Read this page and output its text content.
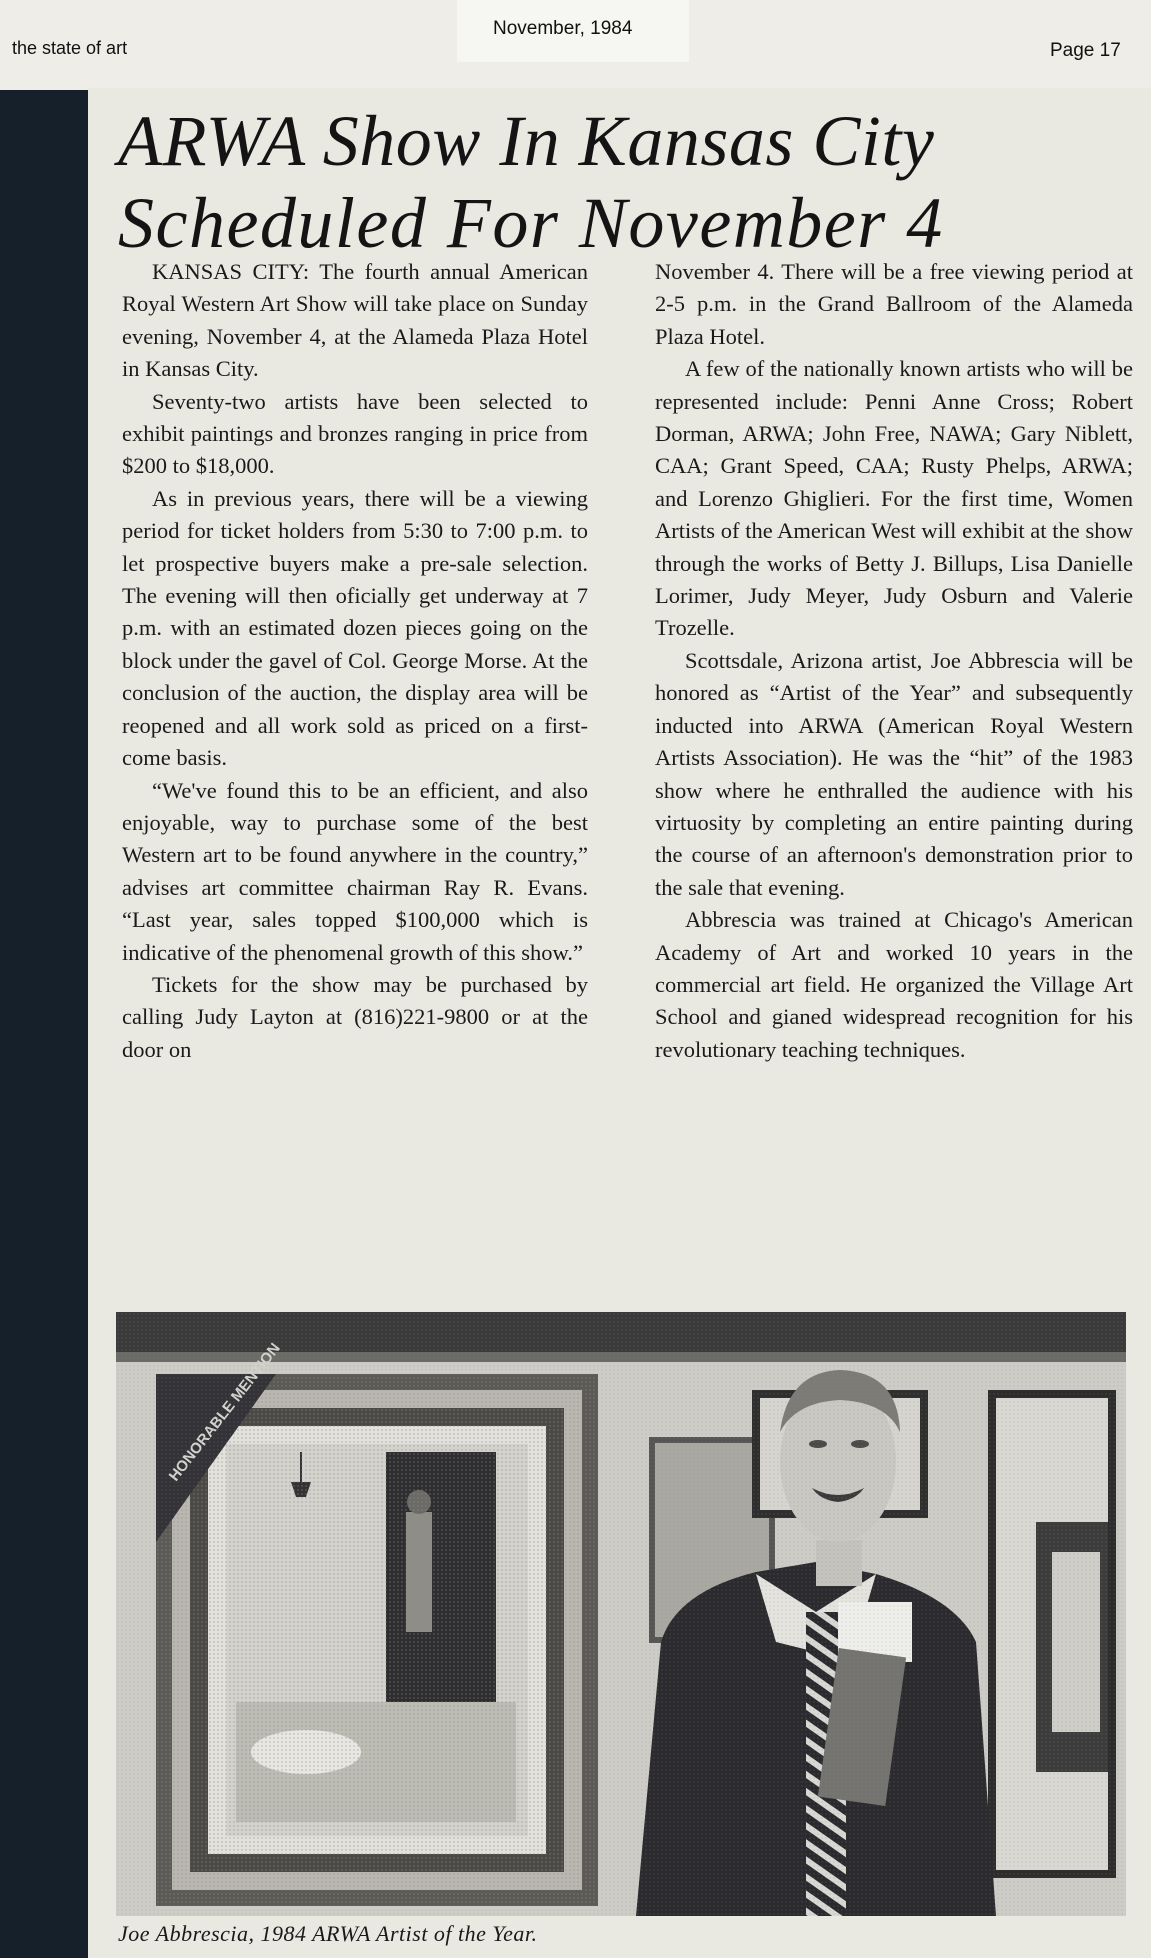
the state of art
November, 1984
Page 17
ARWA Show In Kansas City
Scheduled For November 4

KANSAS CITY: The fourth annual American Royal Western Art Show will take place on Sunday evening, November 4, at the Alameda Plaza Hotel in Kansas City.

Seventy-two artists have been selected to exhibit paintings and bronzes ranging in price from $200 to $18,000.

As in previous years, there will be a viewing period for ticket holders from 5:30 to 7:00 p.m. to let prospective buyers make a pre-sale selection. The evening will then oficially get underway at 7 p.m. with an estimated dozen pieces going on the block under the gavel of Col. George Morse. At the conclusion of the auction, the display area will be reopened and all work sold as priced on a first-come basis.

“We've found this to be an efficient, and also enjoyable, way to purchase some of the best Western art to be found anywhere in the country,” advises art committee chairman Ray R. Evans. “Last year, sales topped $100,000 which is indicative of the phenomenal growth of this show.”

Tickets for the show may be purchased by calling Judy Layton at (816)221-9800 or at the door on

November 4. There will be a free viewing period at 2-5 p.m. in the Grand Ballroom of the Alameda Plaza Hotel.

A few of the nationally known artists who will be represented include: Penni Anne Cross; Robert Dorman, ARWA; John Free, NAWA; Gary Niblett, CAA; Grant Speed, CAA; Rusty Phelps, ARWA; and Lorenzo Ghiglieri. For the first time, Women Artists of the American West will exhibit at the show through the works of Betty J. Billups, Lisa Danielle Lorimer, Judy Meyer, Judy Osburn and Valerie Trozelle.

Scottsdale, Arizona artist, Joe Abbrescia will be honored as “Artist of the Year” and subsequently inducted into ARWA (American Royal Western Artists Association). He was the “hit” of the 1983 show where he enthralled the audience with his virtuosity by completing an entire painting during the course of an afternoon's demonstration prior to the sale that evening.

Abbrescia was trained at Chicago's American Academy of Art and worked 10 years in the commercial art field. He organized the Village Art School and gianed widespread recognition for his revolutionary teaching techniques.

Joe Abbrescia, 1984 ARWA Artist of the Year.
